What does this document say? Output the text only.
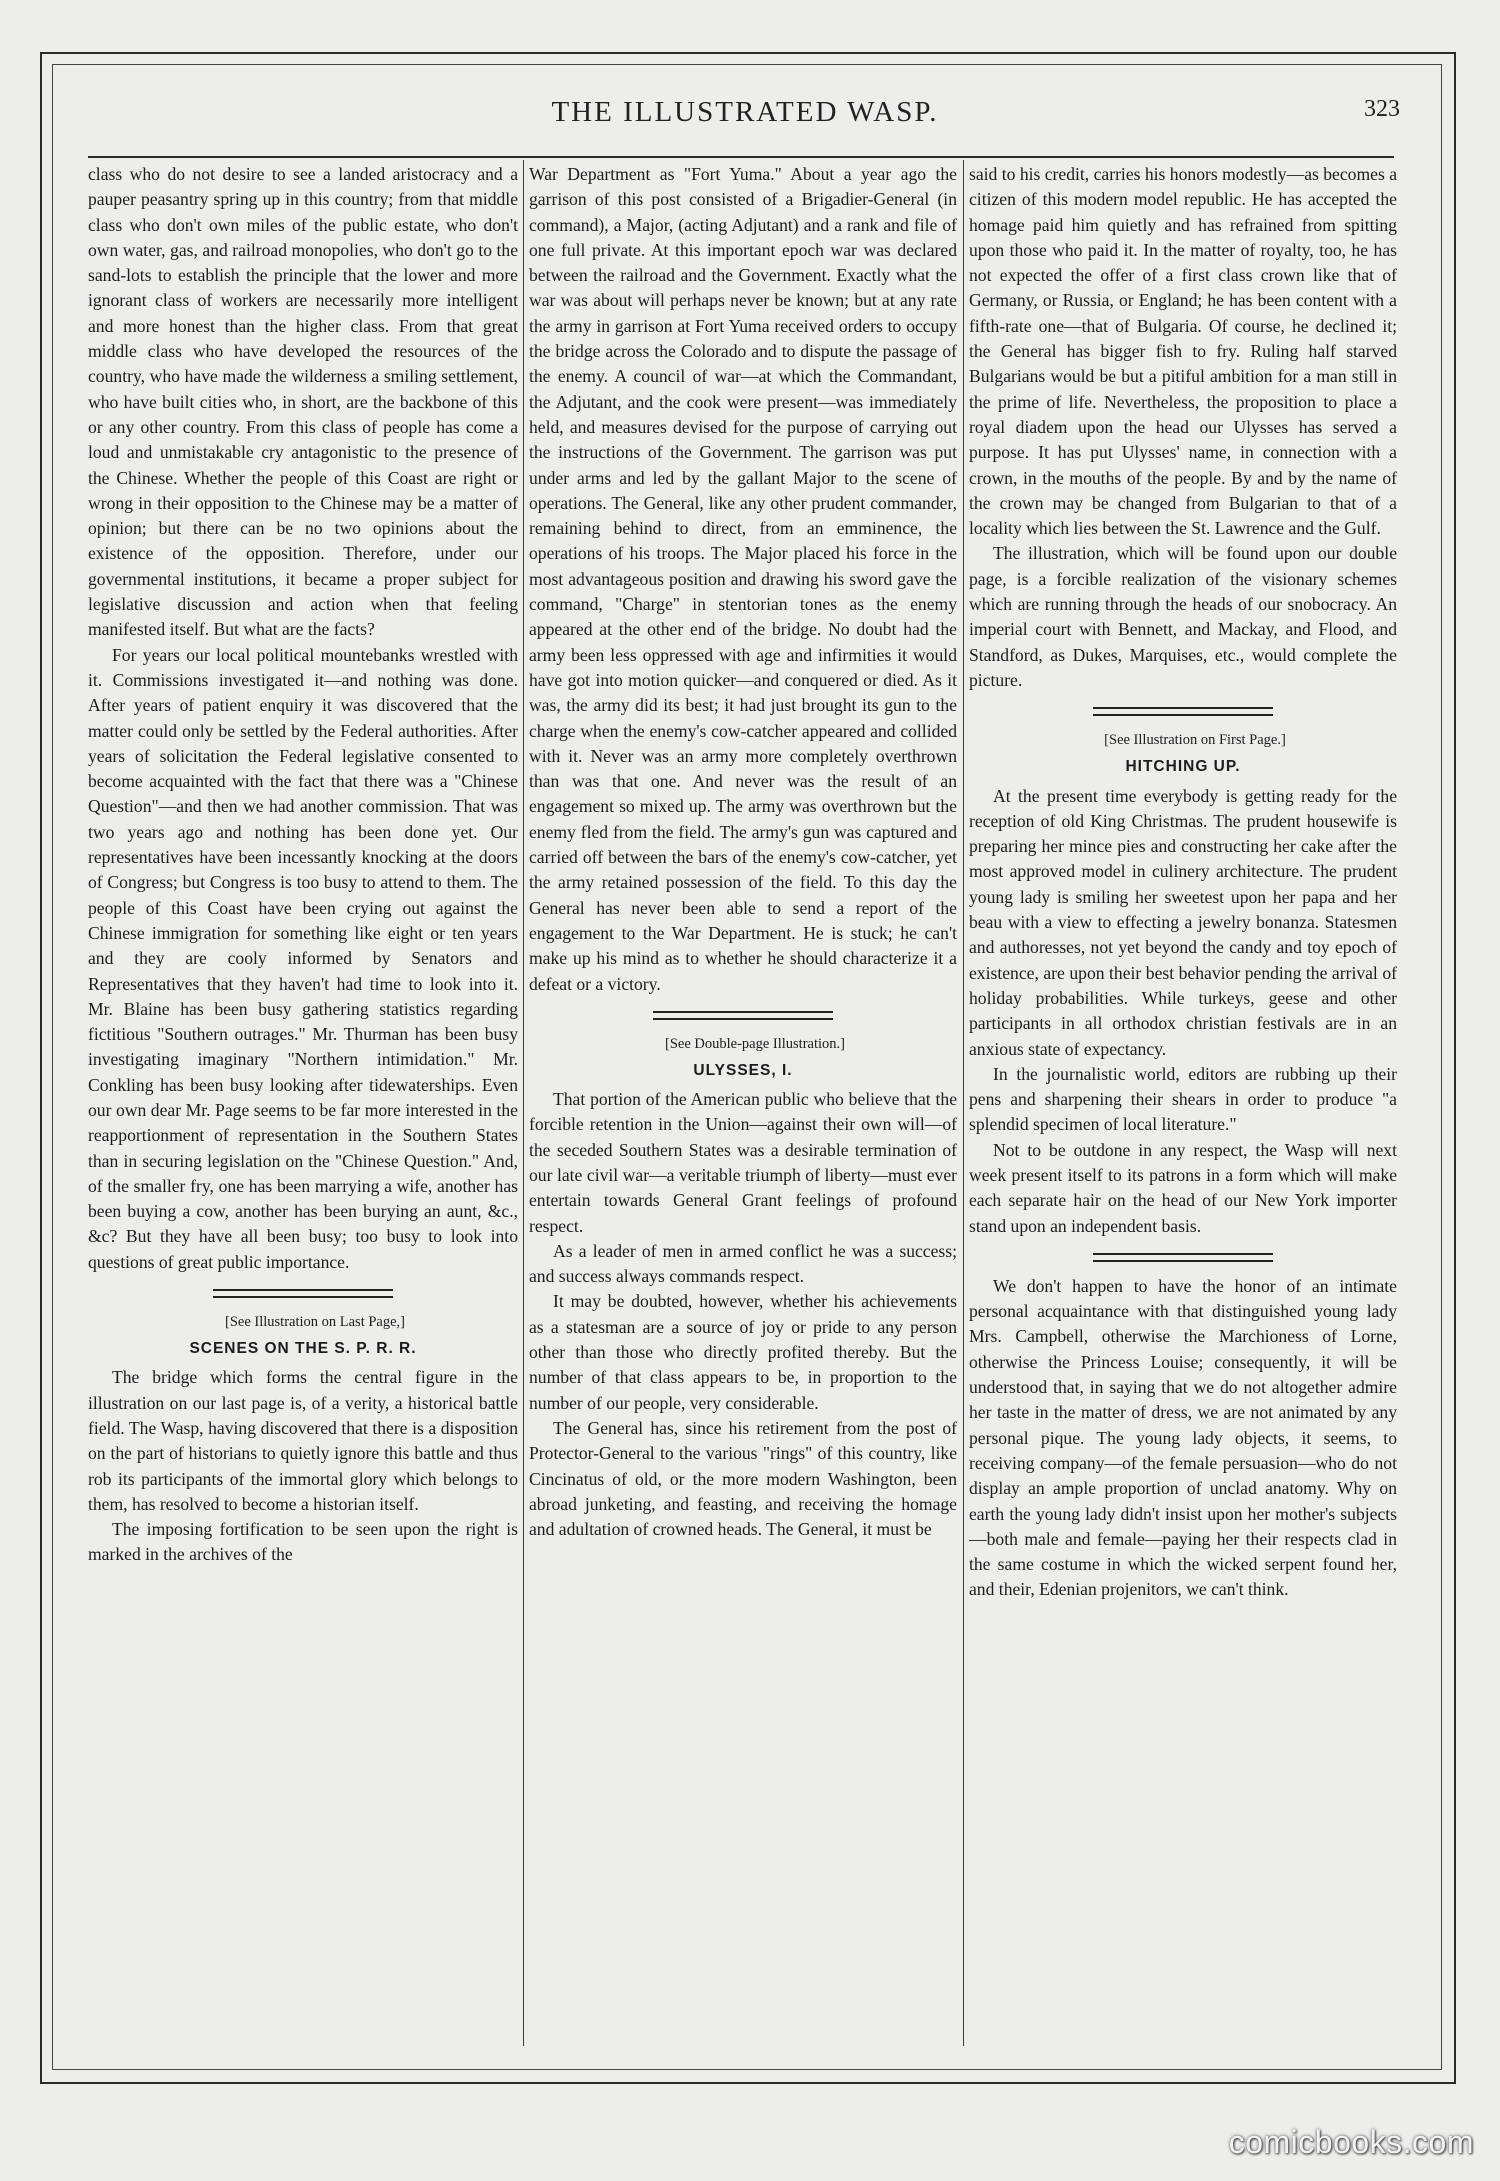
THE ILLUSTRATED WASP.	323

class who do not desire to see a landed aristocracy and a pauper peasantry spring up in this country; from that middle class who don't own miles of the public estate, who don't own water, gas, and railroad monopolies, who don't go to the sand-lots to establish the principle that the lower and more ignorant class of workers are necessarily more intelligent and more honest than the higher class. From that great middle class who have developed the resources of the country, who have made the wilderness a smiling settlement, who have built cities who, in short, are the backbone of this or any other country. From this class of people has come a loud and unmistakable cry antagonistic to the presence of the Chinese. Whether the people of this Coast are right or wrong in their opposition to the Chinese may be a matter of opinion; but there can be no two opinions about the existence of the opposition. Therefore, under our governmental institutions, it became a proper subject for legislative discussion and action when that feeling manifested itself. But what are the facts?

For years our local political mountebanks wrestled with it. Commissions investigated it—and nothing was done. After years of patient enquiry it was discovered that the matter could only be settled by the Federal authorities. After years of solicitation the Federal legislative consented to become acquainted with the fact that there was a "Chinese Question"—and then we had another commission. That was two years ago and nothing has been done yet. Our representatives have been incessantly knocking at the doors of Congress; but Congress is too busy to attend to them. The people of this Coast have been crying out against the Chinese immigration for something like eight or ten years and they are cooly informed by Senators and Representatives that they haven't had time to look into it. Mr. Blaine has been busy gathering statistics regarding fictitious "Southern outrages." Mr. Thurman has been busy investigating imaginary "Northern intimidation." Mr. Conkling has been busy looking after tidewaterships. Even our own dear Mr. Page seems to be far more interested in the reapportionment of representation in the Southern States than in securing legislation on the "Chinese Question." And, of the smaller fry, one has been marrying a wife, another has been buying a cow, another has been burying an aunt, &c., &c? But they have all been busy; too busy to look into questions of great public importance.

[See Illustration on Last Page,]

SCENES ON THE S. P. R. R.

The bridge which forms the central figure in the illustration on our last page is, of a verity, a historical battle field. The Wasp, having discovered that there is a disposition on the part of historians to quietly ignore this battle and thus rob its participants of the immortal glory which belongs to them, has resolved to become a historian itself.

The imposing fortification to be seen upon the right is marked in the archives of the

War Department as "Fort Yuma." About a year ago the garrison of this post consisted of a Brigadier-General (in command), a Major, (acting Adjutant) and a rank and file of one full private. At this important epoch war was declared between the railroad and the Government. Exactly what the war was about will perhaps never be known; but at any rate the army in garrison at Fort Yuma received orders to occupy the bridge across the Colorado and to dispute the passage of the enemy. A council of war—at which the Commandant, the Adjutant, and the cook were present—was immediately held, and measures devised for the purpose of carrying out the instructions of the Government. The garrison was put under arms and led by the gallant Major to the scene of operations. The General, like any other prudent commander, remaining behind to direct, from an emminence, the operations of his troops. The Major placed his force in the most advantageous position and drawing his sword gave the command, "Charge" in stentorian tones as the enemy appeared at the other end of the bridge. No doubt had the army been less oppressed with age and infirmities it would have got into motion quicker—and conquered or died. As it was, the army did its best; it had just brought its gun to the charge when the enemy's cow-catcher appeared and collided with it. Never was an army more completely overthrown than was that one. And never was the result of an engagement so mixed up. The army was overthrown but the enemy fled from the field. The army's gun was captured and carried off between the bars of the enemy's cow-catcher, yet the army retained possession of the field. To this day the General has never been able to send a report of the engagement to the War Department. He is stuck; he can't make up his mind as to whether he should characterize it a defeat or a victory.

[See Double-page Illustration.]

ULYSSES, I.

That portion of the American public who believe that the forcible retention in the Union—against their own will—of the seceded Southern States was a desirable termination of our late civil war—a veritable triumph of liberty—must ever entertain towards General Grant feelings of profound respect.

As a leader of men in armed conflict he was a success; and success always commands respect.

It may be doubted, however, whether his achievements as a statesman are a source of joy or pride to any person other than those who directly profited thereby. But the number of that class appears to be, in proportion to the number of our people, very considerable.

The General has, since his retirement from the post of Protector-General to the various "rings" of this country, like Cincinatus of old, or the more modern Washington, been abroad junketing, and feasting, and receiving the homage and adultation of crowned heads. The General, it must be

said to his credit, carries his honors modestly—as becomes a citizen of this modern model republic. He has accepted the homage paid him quietly and has refrained from spitting upon those who paid it. In the matter of royalty, too, he has not expected the offer of a first class crown like that of Germany, or Russia, or England; he has been content with a fifth-rate one—that of Bulgaria. Of course, he declined it; the General has bigger fish to fry. Ruling half starved Bulgarians would be but a pitiful ambition for a man still in the prime of life. Nevertheless, the proposition to place a royal diadem upon the head our Ulysses has served a purpose. It has put Ulysses' name, in connection with a crown, in the mouths of the people. By and by the name of the crown may be changed from Bulgarian to that of a locality which lies between the St. Lawrence and the Gulf.

The illustration, which will be found upon our double page, is a forcible realization of the visionary schemes which are running through the heads of our snobocracy. An imperial court with Bennett, and Mackay, and Flood, and Standford, as Dukes, Marquises, etc., would complete the picture.

[See Illustration on First Page.]

HITCHING UP.

At the present time everybody is getting ready for the reception of old King Christmas. The prudent housewife is preparing her mince pies and constructing her cake after the most approved model in culinery architecture. The prudent young lady is smiling her sweetest upon her papa and her beau with a view to effecting a jewelry bonanza. Statesmen and authoresses, not yet beyond the candy and toy epoch of existence, are upon their best behavior pending the arrival of holiday probabilities. While turkeys, geese and other participants in all orthodox christian festivals are in an anxious state of expectancy.

In the journalistic world, editors are rubbing up their pens and sharpening their shears in order to produce "a splendid specimen of local literature."

Not to be outdone in any respect, the Wasp will next week present itself to its patrons in a form which will make each separate hair on the head of our New York importer stand upon an independent basis.

We don't happen to have the honor of an intimate personal acquaintance with that distinguished young lady Mrs. Campbell, otherwise the Marchioness of Lorne, otherwise the Princess Louise; consequently, it will be understood that, in saying that we do not altogether admire her taste in the matter of dress, we are not animated by any personal pique. The young lady objects, it seems, to receiving company—of the female persuasion—who do not display an ample proportion of unclad anatomy. Why on earth the young lady didn't insist upon her mother's subjects—both male and female—paying her their respects clad in the same costume in which the wicked serpent found her, and their, Edenian projenitors, we can't think.

comicbooks.com
